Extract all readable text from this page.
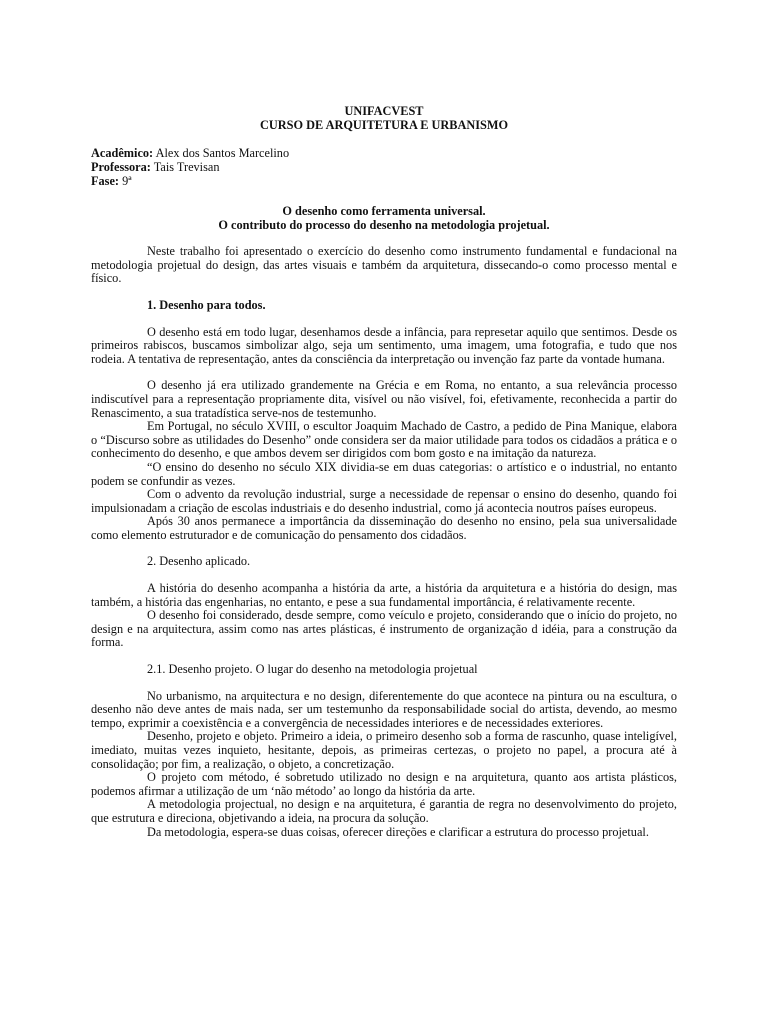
UNIFACVEST
CURSO DE ARQUITETURA E URBANISMO
Acadêmico: Alex dos Santos Marcelino
Professora: Tais Trevisan
Fase: 9ª
O desenho como ferramenta universal.
O contributo do processo do desenho na metodologia projetual.

Neste trabalho foi apresentado o exercício do desenho como instrumento fundamental e fundacional na metodologia projetual do design, das artes visuais e também da arquitetura, dissecando-o como processo mental e físico.

1. Desenho para todos.

O desenho está em todo lugar, desenhamos desde a infância, para represetar aquilo que sentimos. Desde os primeiros rabiscos, buscamos simbolizar algo, seja um sentimento, uma imagem, uma fotografia, e tudo que nos rodeia. A tentativa de representação, antes da consciência da interpretação ou invenção faz parte da vontade humana.

O desenho já era utilizado grandemente na Grécia e em Roma, no entanto, a sua relevância processo indiscutível para a representação propriamente dita, visível ou não visível, foi, efetivamente, reconhecida a partir do Renascimento, a sua tratadística serve-nos de testemunho.

Em Portugal, no século XVIII, o escultor Joaquim Machado de Castro, a pedido de Pina Manique, elabora o “Discurso sobre as utilidades do Desenho” onde considera ser da maior utilidade para todos os cidadãos a prática e o conhecimento do desenho, e que ambos devem ser dirigidos com bom gosto e na imitação da natureza.

“O ensino do desenho no século XIX dividia-se em duas categorias: o artístico e o industrial, no entanto podem se confundir as vezes.

Com o advento da revolução industrial, surge a necessidade de repensar o ensino do desenho, quando foi impulsionadam a criação de escolas industriais e do desenho industrial, como já acontecia noutros países europeus.

Após 30 anos permanece a importância da disseminação do desenho no ensino, pela sua universalidade como elemento estruturador e de comunicação do pensamento dos cidadãos.

2. Desenho aplicado.

A história do desenho acompanha a história da arte, a história da arquitetura e a história do design, mas também, a história das engenharias, no entanto, e pese a sua fundamental importância, é relativamente recente.

O desenho foi considerado, desde sempre, como veículo e projeto, considerando que o início do projeto, no design e na arquitectura, assim como nas artes plásticas, é instrumento de organização d idéia, para a construção da forma.

2.1. Desenho projeto. O lugar do desenho na metodologia projetual

No urbanismo, na arquitectura e no design, diferentemente do que acontece na pintura ou na escultura, o desenho não deve antes de mais nada, ser um testemunho da responsabilidade social do artista, devendo, ao mesmo tempo, exprimir a coexistência e a convergência de necessidades interiores e de necessidades exteriores.

Desenho, projeto e objeto. Primeiro a ideia, o primeiro desenho sob a forma de rascunho, quase inteligível, imediato, muitas vezes inquieto, hesitante, depois, as primeiras certezas, o projeto no papel, a procura até à consolidação; por fim, a realização, o objeto, a concretização.

O projeto com método, é sobretudo utilizado no design e na arquitetura, quanto aos artista plásticos, podemos afirmar a utilização de um ‘não método’ ao longo da história da arte.

A metodologia projectual, no design e na arquitetura, é garantia de regra no desenvolvimento do projeto, que estrutura e direciona, objetivando a ideia, na procura da solução.

Da metodologia, espera-se duas coisas, oferecer direções e clarificar a estrutura do processo projetual.
